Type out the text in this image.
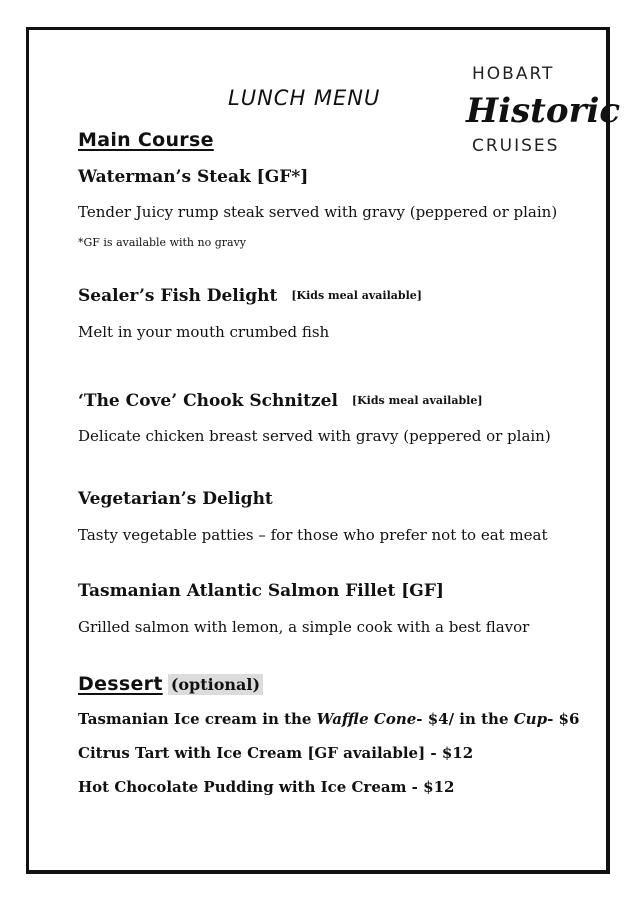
LUNCH MENU
HOBART
Historic
CRUISES
Main Course
Waterman’s Steak [GF*]
Tender Juicy rump steak served with gravy (peppered or plain)
*GF is available with no gravy
Sealer’s Fish Delight [Kids meal available]
Melt in your mouth crumbed fish
‘The Cove’ Chook Schnitzel [Kids meal available]
Delicate chicken breast served with gravy (peppered or plain)
Vegetarian’s Delight
Tasty vegetable patties – for those who prefer not to eat meat
Tasmanian Atlantic Salmon Fillet [GF]
Grilled salmon with lemon, a simple cook with a best flavor
Dessert (optional)
Tasmanian Ice cream in the Waffle Cone- $4/ in the Cup- $6
Citrus Tart with Ice Cream [GF available] - $12
Hot Chocolate Pudding with Ice Cream - $12
